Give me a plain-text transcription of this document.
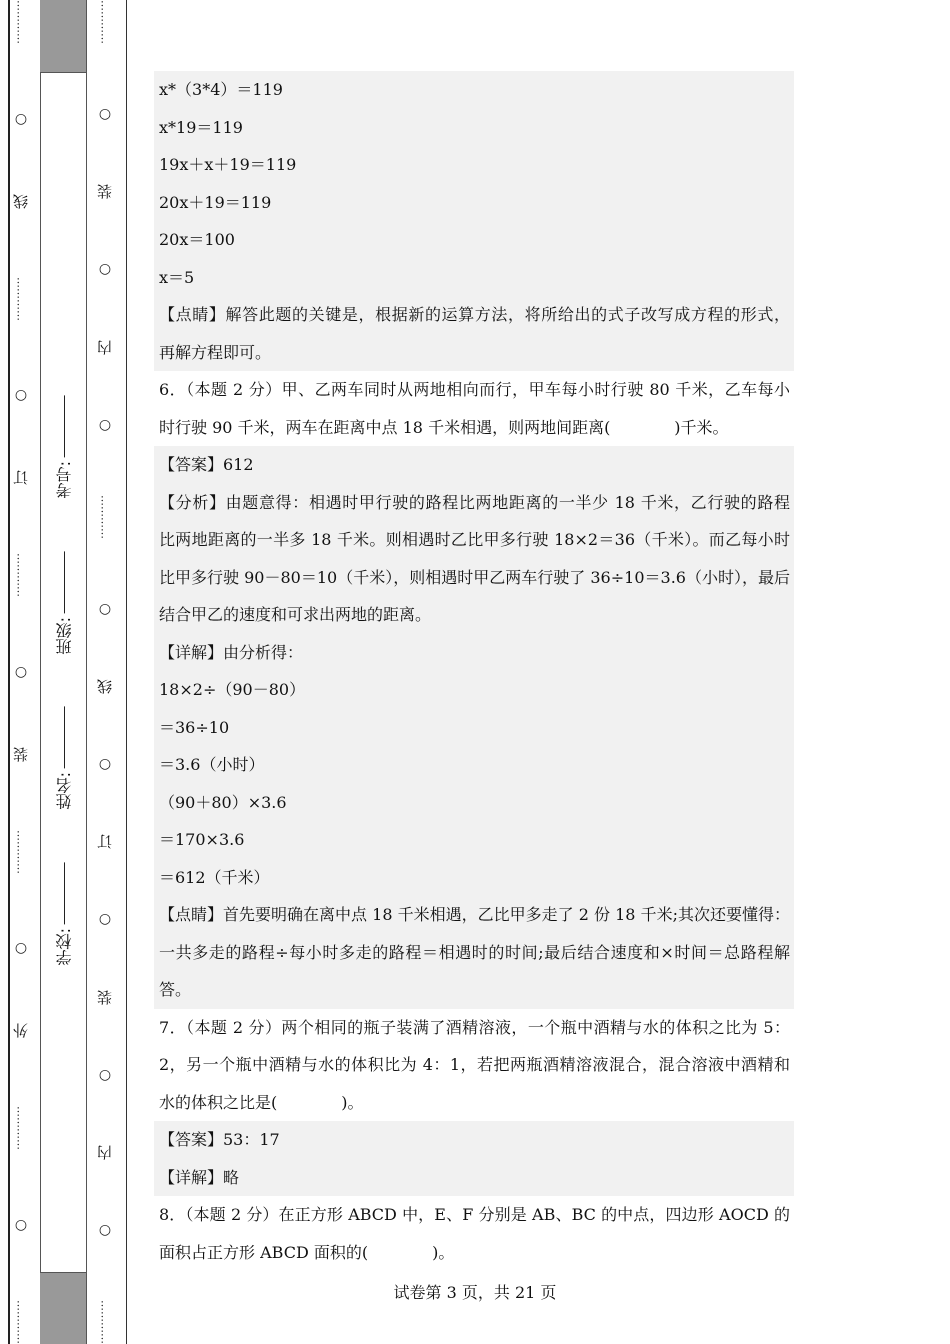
…………
○
线
…………
○
订
…………
○
装
…………
○
外
…………
○
…………
学校:
姓名:
班级:
考号:
…………
○
装
○
内
○
…………
○
线
○
订
○
装
○
内
○
…………
x*（3*4）＝119
x*19＝119
19x＋x＋19＝119
20x＋19＝119
20x＝100
x＝5
【点睛】解答此题的关键是，根据新的运算方法，将所给出的式子改写成方程的形式，
再解方程即可。
6．（本题 2 分）甲、乙两车同时从两地相向而行，甲车每小时行驶 80 千米，乙车每小
时行驶 90 千米，两车在距离中点 18 千米相遇，则两地间距离(　　　　)千米。
【答案】612
【分析】由题意得：相遇时甲行驶的路程比两地距离的一半少 18 千米，乙行驶的路程
比两地距离的一半多 18 千米。则相遇时乙比甲多行驶 18×2＝36（千米）。而乙每小时
比甲多行驶 90－80＝10（千米），则相遇时甲乙两车行驶了 36÷10＝3.6（小时），最后
结合甲乙的速度和可求出两地的距离。
【详解】由分析得：
18×2÷（90－80）
＝36÷10
＝3.6（小时）
（90＋80）×3.6
＝170×3.6
＝612（千米）
【点睛】首先要明确在离中点 18 千米相遇，乙比甲多走了 2 份 18 千米;其次还要懂得：
一共多走的路程÷每小时多走的路程＝相遇时的时间;最后结合速度和×时间＝总路程解
答。
7．（本题 2 分）两个相同的瓶子装满了酒精溶液，一个瓶中酒精与水的体积之比为 5：
2，另一个瓶中酒精与水的体积比为 4：1，若把两瓶酒精溶液混合，混合溶液中酒精和
水的体积之比是(　　　　)。
【答案】53：17
【详解】略
8．（本题 2 分）在正方形 ABCD 中，E、F 分别是 AB、BC 的中点，四边形 AOCD 的
面积占正方形 ABCD 面积的(　　　　)。
试卷第 3 页，共 21 页
